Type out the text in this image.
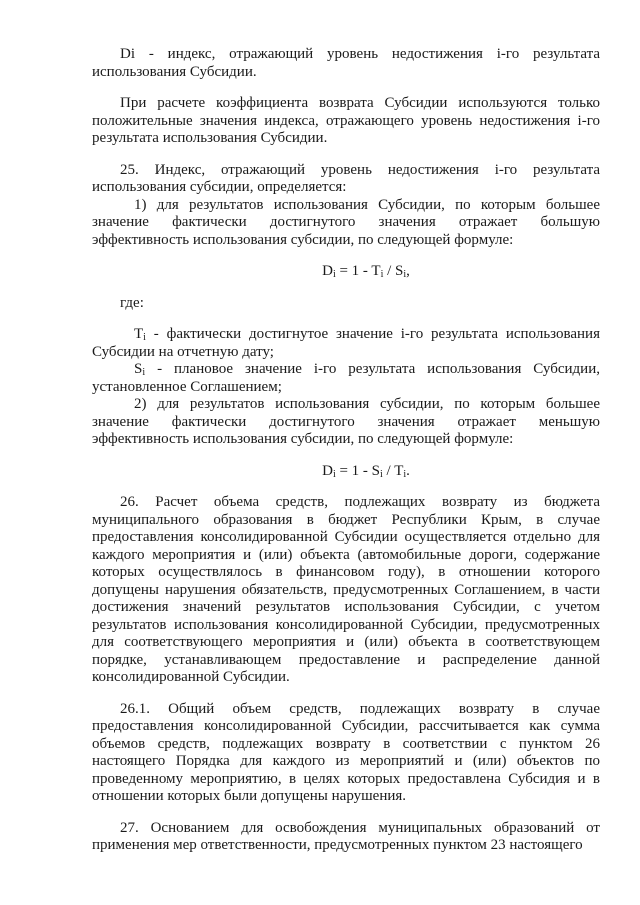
Di - индекс, отражающий уровень недостижения i-го результата использования Субсидии.

При расчете коэффициента возврата Субсидии используются только положительные значения индекса, отражающего уровень недостижения i-го результата использования Субсидии.

25. Индекс, отражающий уровень недостижения i-го результата использования субсидии, определяется:

1) для результатов использования Субсидии, по которым большее значение фактически достигнутого значения отражает большую эффективность использования субсидии, по следующей формуле:

$D_i = 1 - T_i / S_i$,

где:

$T_i$ - фактически достигнутое значение i-го результата использования Субсидии на отчетную дату;

$S_i$ - плановое значение i-го результата использования Субсидии, установленное Соглашением;

2) для результатов использования субсидии, по которым большее значение фактически достигнутого значения отражает меньшую эффективность использования субсидии, по следующей формуле:

$D_i = 1 - S_i / T_i$.

26. Расчет объема средств, подлежащих возврату из бюджета муниципального образования в бюджет Республики Крым, в случае предоставления консолидированной Субсидии осуществляется отдельно для каждого мероприятия и (или) объекта (автомобильные дороги, содержание которых осуществлялось в финансовом году), в отношении которого допущены нарушения обязательств, предусмотренных Соглашением, в части достижения значений результатов использования Субсидии, с учетом результатов использования консолидированной Субсидии, предусмотренных для соответствующего мероприятия и (или) объекта в соответствующем порядке, устанавливающем предоставление и распределение данной консолидированной Субсидии.

26.1. Общий объем средств, подлежащих возврату в случае предоставления консолидированной Субсидии, рассчитывается как сумма объемов средств, подлежащих возврату в соответствии с пунктом 26 настоящего Порядка для каждого из мероприятий и (или) объектов по проведенному мероприятию, в целях которых предоставлена Субсидия и в отношении которых были допущены нарушения.

27. Основанием для освобождения муниципальных образований от применения мер ответственности, предусмотренных пунктом 23 настоящего
